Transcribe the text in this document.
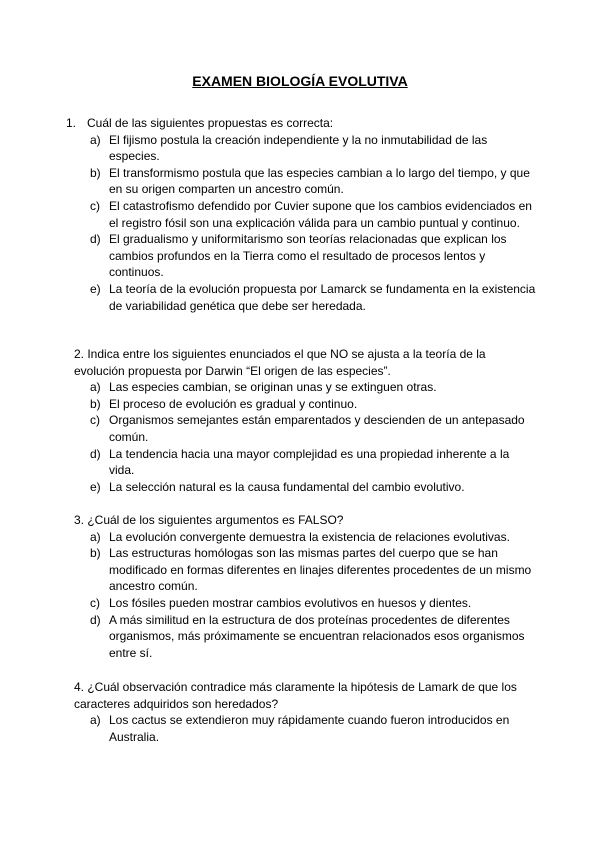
EXAMEN BIOLOGÍA EVOLUTIVA
1. Cuál de las siguientes propuestas es correcta:
a) El fijismo postula la creación independiente y la no inmutabilidad de las especies.
b) El transformismo postula que las especies cambian a lo largo del tiempo, y que en su origen comparten un ancestro común.
c) El catastrofismo defendido por Cuvier supone que los cambios evidenciados en el registro fósil son una explicación válida para un cambio puntual y continuo.
d) El gradualismo y uniformitarismo son teorías relacionadas que explican los cambios profundos en la Tierra como el resultado de procesos lentos y continuos.
e) La teoría de la evolución propuesta por Lamarck se fundamenta en la existencia de variabilidad genética que debe ser heredada.
2. Indica entre los siguientes enunciados el que NO se ajusta a la teoría de la evolución propuesta por Darwin “El origen de las especies”.
a) Las especies cambian, se originan unas y se extinguen otras.
b) El proceso de evolución es gradual y continuo.
c) Organismos semejantes están emparentados y descienden de un antepasado común.
d) La tendencia hacia una mayor complejidad es una propiedad inherente a la vida.
e) La selección natural es la causa fundamental del cambio evolutivo.
3. ¿Cuál de los siguientes argumentos es FALSO?
a) La evolución convergente demuestra la existencia de relaciones evolutivas.
b) Las estructuras homólogas son las mismas partes del cuerpo que se han modificado en formas diferentes en linajes diferentes procedentes de un mismo ancestro común.
c) Los fósiles pueden mostrar cambios evolutivos en huesos y dientes.
d) A más similitud en la estructura de dos proteínas procedentes de diferentes organismos, más próximamente se encuentran relacionados esos organismos entre sí.
4. ¿Cuál observación contradice más claramente la hipótesis de Lamark de que los caracteres adquiridos son heredados?
a) Los cactus se extendieron muy rápidamente cuando fueron introducidos en Australia.
